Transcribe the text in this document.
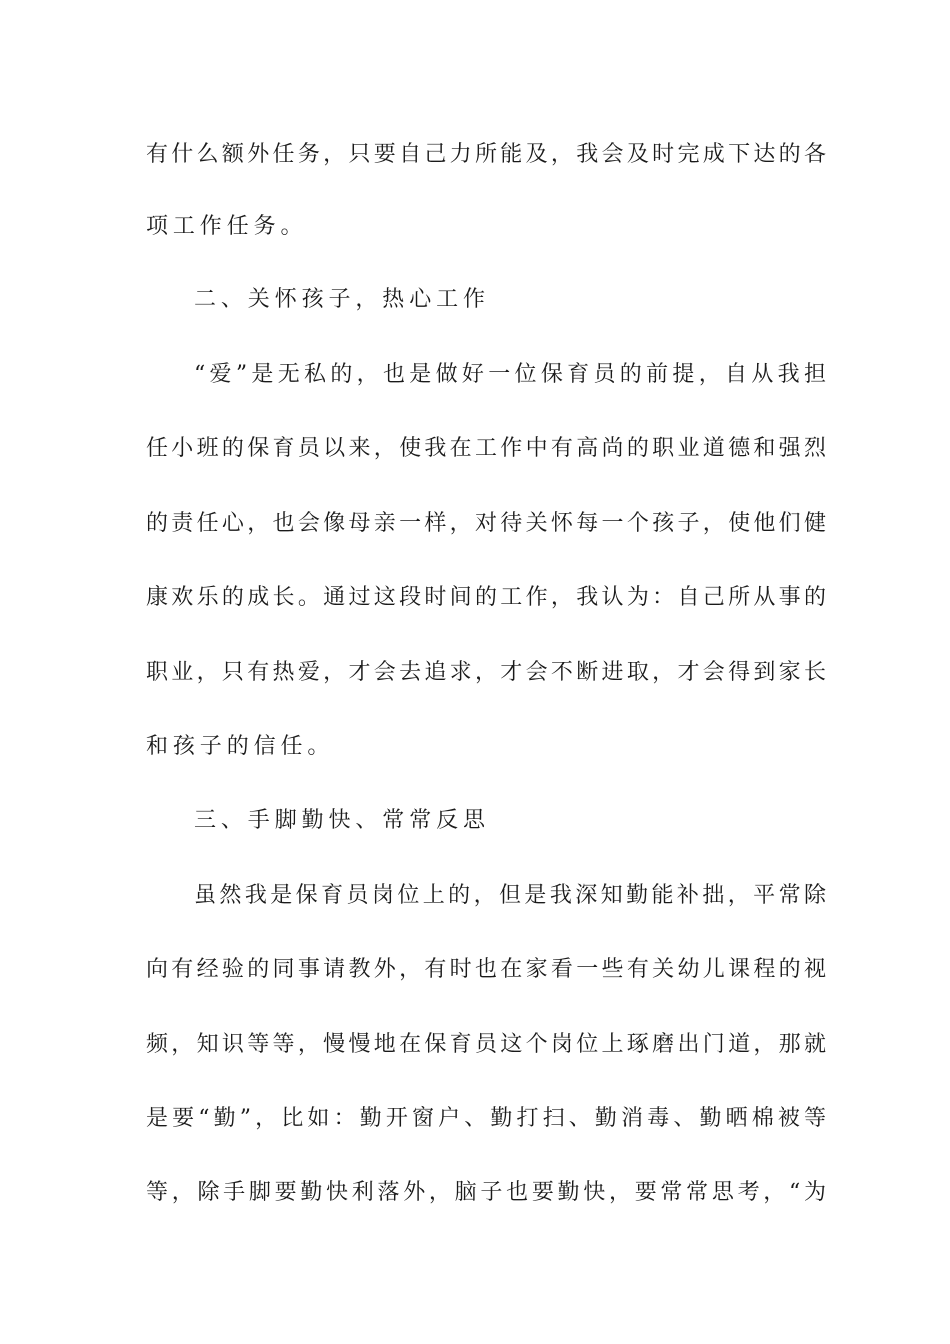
有什么额外任务，只要自己力所能及，我会及时完成下达的各
项工作任务。
二、关怀孩子，热心工作
“爱”是无私的，也是做好一位保育员的前提，自从我担
任小班的保育员以来，使我在工作中有高尚的职业道德和强烈
的责任心，也会像母亲一样，对待关怀每一个孩子，使他们健
康欢乐的成长。通过这段时间的工作，我认为：自己所从事的
职业，只有热爱，才会去追求，才会不断进取，才会得到家长
和孩子的信任。
三、手脚勤快、常常反思
虽然我是保育员岗位上的，但是我深知勤能补拙，平常除
向有经验的同事请教外，有时也在家看一些有关幼儿课程的视
频，知识等等，慢慢地在保育员这个岗位上琢磨出门道，那就
是要“勤”，比如：勤开窗户、勤打扫、勤消毒、勤晒棉被等
等，除手脚要勤快利落外，脑子也要勤快，要常常思考，“为
